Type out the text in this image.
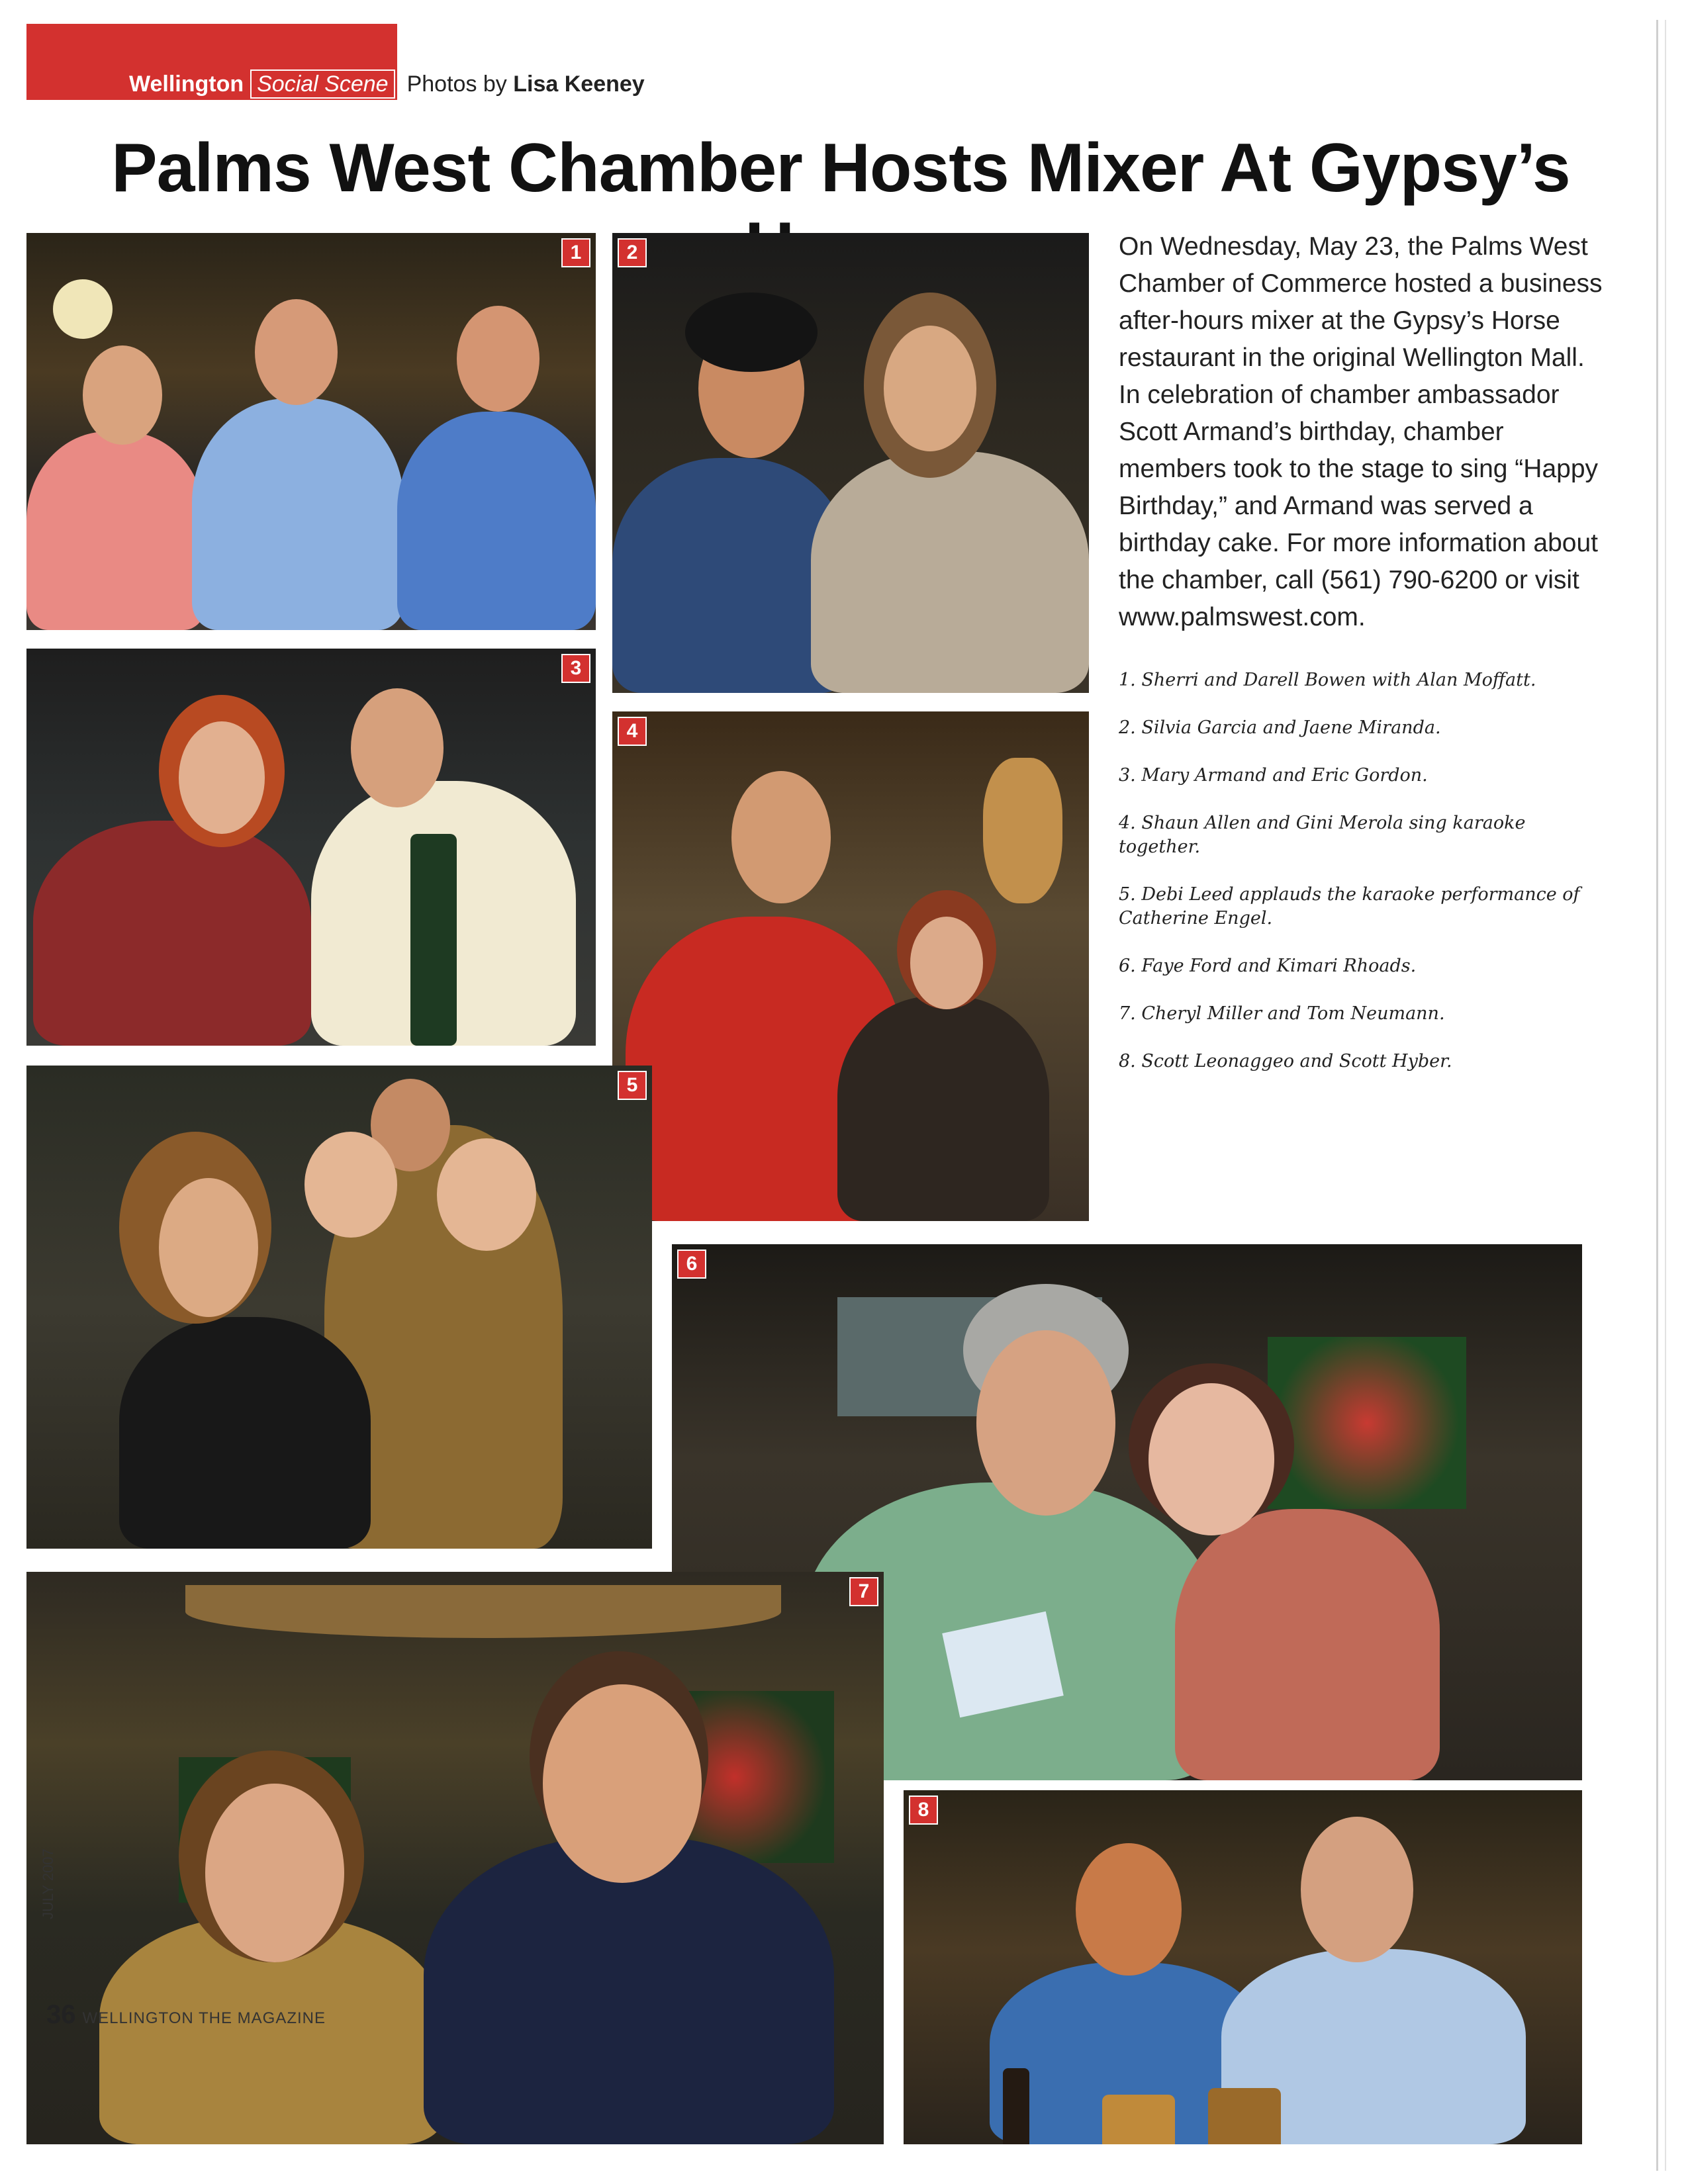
Wellington Social Scene Photos by Lisa Keeney
Palms West Chamber Hosts Mixer At Gypsy’s
1	2
3
4
5
6
7
8
On Wednesday, May 23, the Palms West Chamber of Commerce hosted a business after-hours mixer at the Gypsy’s Horse restaurant in the original Wellington Mall. In celebration of chamber ambassador Scott Armand’s birthday, chamber members took to the stage to sing “Happy Birthday,” and Armand was served a birthday cake. For more information about the chamber, call (561) 790-6200 or visit www.palmswest.com.
1. Sherri and Darell Bowen with Alan Moffatt.
2. Silvia Garcia and Jaene Miranda.
3. Mary Armand and Eric Gordon.
4. Shaun Allen and Gini Merola sing karaoke together.
5. Debi Leed applauds the karaoke performance of Catherine Engel.
6. Faye Ford and Kimari Rhoads.
7. Cheryl Miller and Tom Neumann.
8. Scott Leonaggeo and Scott Hyber.
JULY 2007
36 WELLINGTON THE MAGAZINE
